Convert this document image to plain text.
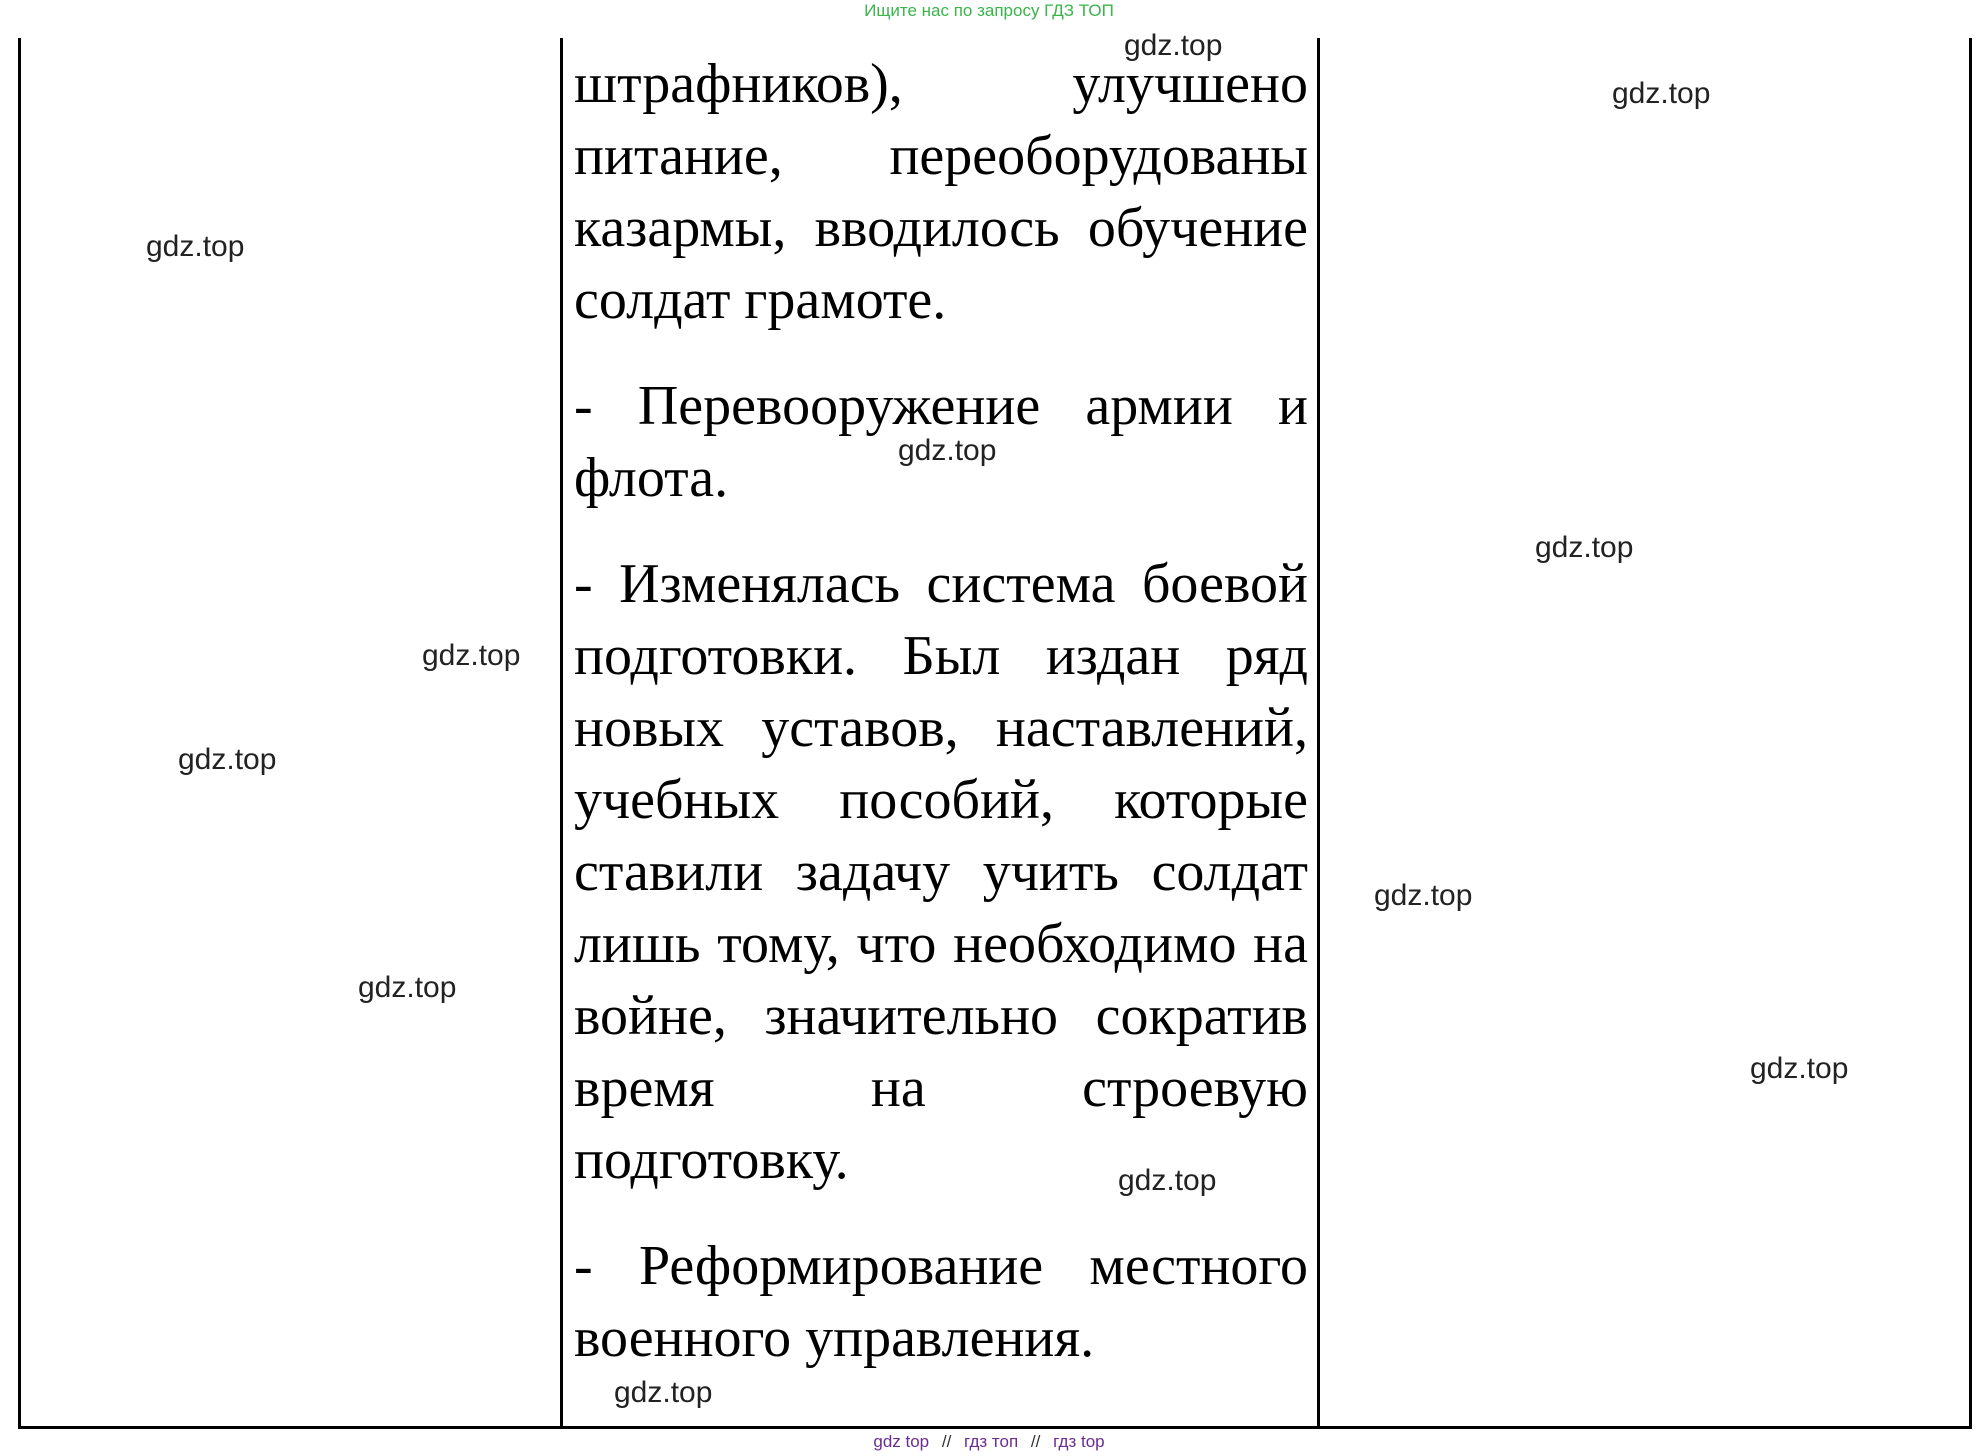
Ищите нас по запросу ГДЗ ТОП

штрафников), улучшено питание, переоборудованы казармы, вводилось обучение солдат грамоте.

- Перевооружение армии и флота.

- Изменялась система боевой подготовки. Был издан ряд новых уставов, наставлений, учебных пособий, которые ставили задачу учить солдат лишь тому, что необходимо на войне, значительно сократив время на строевую подготовку.

- Реформирование местного военного управления.

gdz.top
gdz.top
gdz.top
gdz.top
gdz.top
gdz.top
gdz.top
gdz.top
gdz.top
gdz.top
gdz.top
gdz.top
gdz top // гдз топ // гдз top
